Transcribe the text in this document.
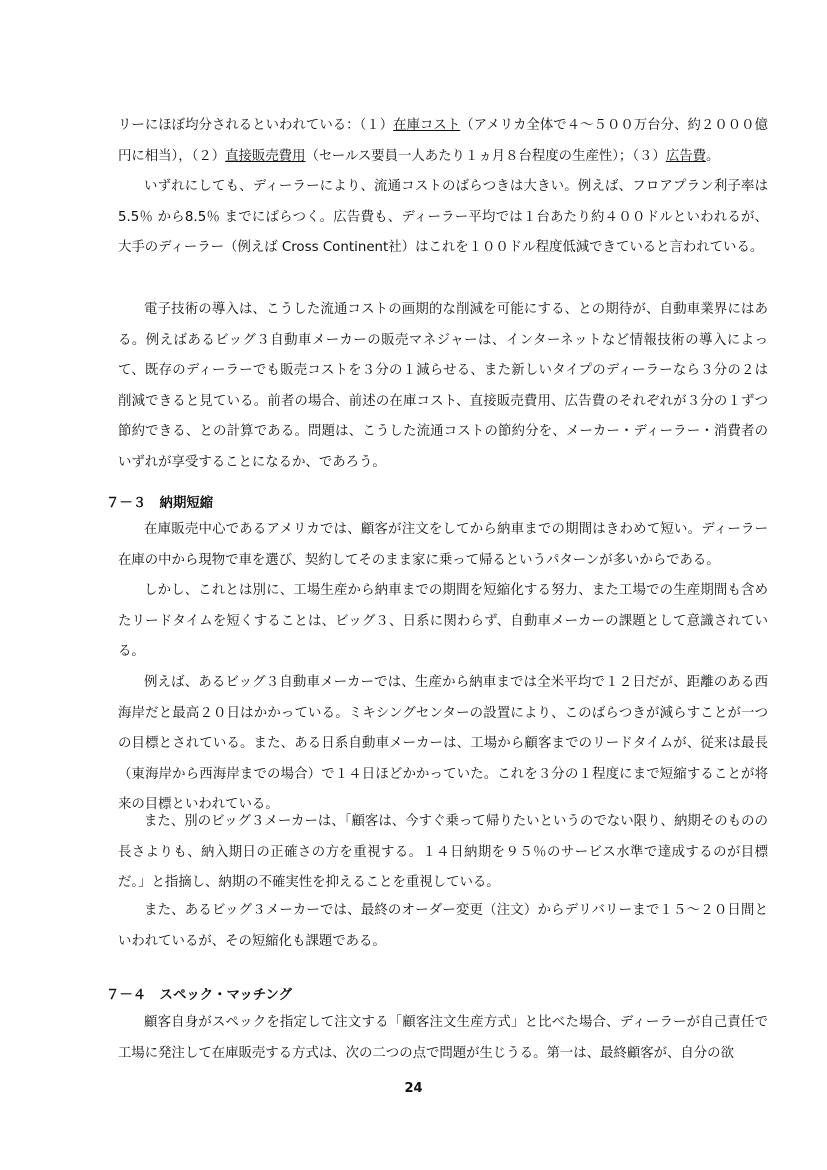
リーにほぼ均分されるといわれている：（１）在庫コスト（アメリカ全体で４〜５００万台分、約２０００億円に相当），（２）直接販売費用（セールス要員一人あたり１ヵ月８台程度の生産性）；（３）広告費。

いずれにしても、ディーラーにより、流通コストのばらつきは大きい。例えば、フロアプラン利子率は5.5％ から8.5％ までにばらつく。広告費も、ディーラー平均では１台あたり約４００ドルといわれるが、大手のディーラー（例えば Cross Continent社）はこれを１００ドル程度低減できていると言われている。

電子技術の導入は、こうした流通コストの画期的な削減を可能にする、との期待が、自動車業界にはある。例えばあるビッグ３自動車メーカーの販売マネジャーは、インターネットなど情報技術の導入によって、既存のディーラーでも販売コストを３分の１減らせる、また新しいタイプのディーラーなら３分の２は削減できると見ている。前者の場合、前述の在庫コスト、直接販売費用、広告費のそれぞれが３分の１ずつ節約できる、との計算である。問題は、こうした流通コストの節約分を、メーカー・ディーラー・消費者のいずれが享受することになるか、であろう。

７－３　納期短縮

在庫販売中心であるアメリカでは、顧客が注文をしてから納車までの期間はきわめて短い。ディーラー在庫の中から現物で車を選び、契約してそのまま家に乗って帰るというパターンが多いからである。

しかし、これとは別に、工場生産から納車までの期間を短縮化する努力、また工場での生産期間も含めたリードタイムを短くすることは、ビッグ３、日系に関わらず、自動車メーカーの課題として意識されている。

例えば、あるビッグ３自動車メーカーでは、生産から納車までは全米平均で１２日だが、距離のある西海岸だと最高２０日はかかっている。ミキシングセンターの設置により、このばらつきが減らすことが一つの目標とされている。また、ある日系自動車メーカーは、工場から顧客までのリードタイムが、従来は最長（東海岸から西海岸までの場合）で１４日ほどかかっていた。これを３分の１程度にまで短縮することが将来の目標といわれている。

また、別のビッグ３メーカーは、「顧客は、今すぐ乗って帰りたいというのでない限り、納期そのものの長さよりも、納入期日の正確さの方を重視する。１４日納期を９５％のサービス水準で達成するのが目標だ。」と指摘し、納期の不確実性を抑えることを重視している。

また、あるビッグ３メーカーでは、最終のオーダー変更（注文）からデリバリーまで１５〜２０日間といわれているが、その短縮化も課題である。

７－４　スペック・マッチング

顧客自身がスペックを指定して注文する「顧客注文生産方式」と比べた場合、ディーラーが自己責任で工場に発注して在庫販売する方式は、次の二つの点で問題が生じうる。第一は、最終顧客が、自分の欲

24
